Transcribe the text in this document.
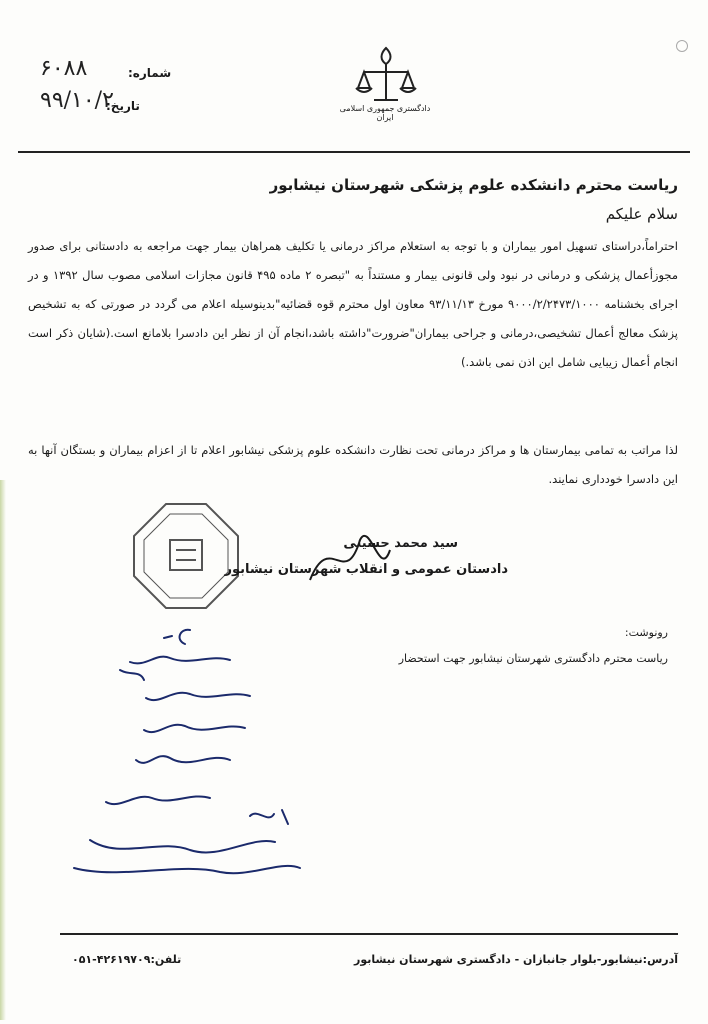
شماره:
۶۰۸۸
تاریخ:
۹۹/۱۰/۲	دادگستری جمهوری اسلامی ایران
ریاست محترم دانشکده علوم پزشکی شهرستان نیشابور
سلام علیکم
احتراماً،دراستای تسهیل امور بیماران و با توجه به استعلام مراکز درمانی یا تکلیف همراهان بیمار جهت مراجعه به دادستانی برای صدور مجوزأعمال پزشکی و درمانی در نبود ولی قانونی بیمار و مستنداً به "تبصره ۲ ماده ۴۹۵ قانون مجازات اسلامی مصوب سال ۱۳۹۲ و در اجرای بخشنامه ۹۰۰۰/۲/۲۴۷۳/۱۰۰۰ مورخ ۹۳/۱۱/۱۳ معاون اول محترم قوه قضائیه"بدینوسیله اعلام می گردد در صورتی که به تشخیص پزشک معالج أعمال تشخیصی،درمانی و جراحی بیماران"ضرورت"داشته باشد،انجام آن از نظر این دادسرا بلامانع است.(شایان ذکر است انجام أعمال زیبایی شامل این اذن نمی باشد.)
لذا مراتب به تمامی بیمارستان ها و مراکز درمانی تحت نظارت دانشکده علوم پزشکی نیشابور اعلام تا از اعزام بیماران و بستگان آنها به این دادسرا خودداری نمایند.
سید محمد حسینی
دادستان عمومی و انقلاب شهرستان نیشابور
رونوشت:
ریاست محترم دادگستری شهرستان نیشابور جهت استحضار
آدرس:نیشابور-بلوار جانبازان - دادگستری شهرستان نیشابور
تلفن:۴۲۶۱۹۷۰۹-۰۵۱
